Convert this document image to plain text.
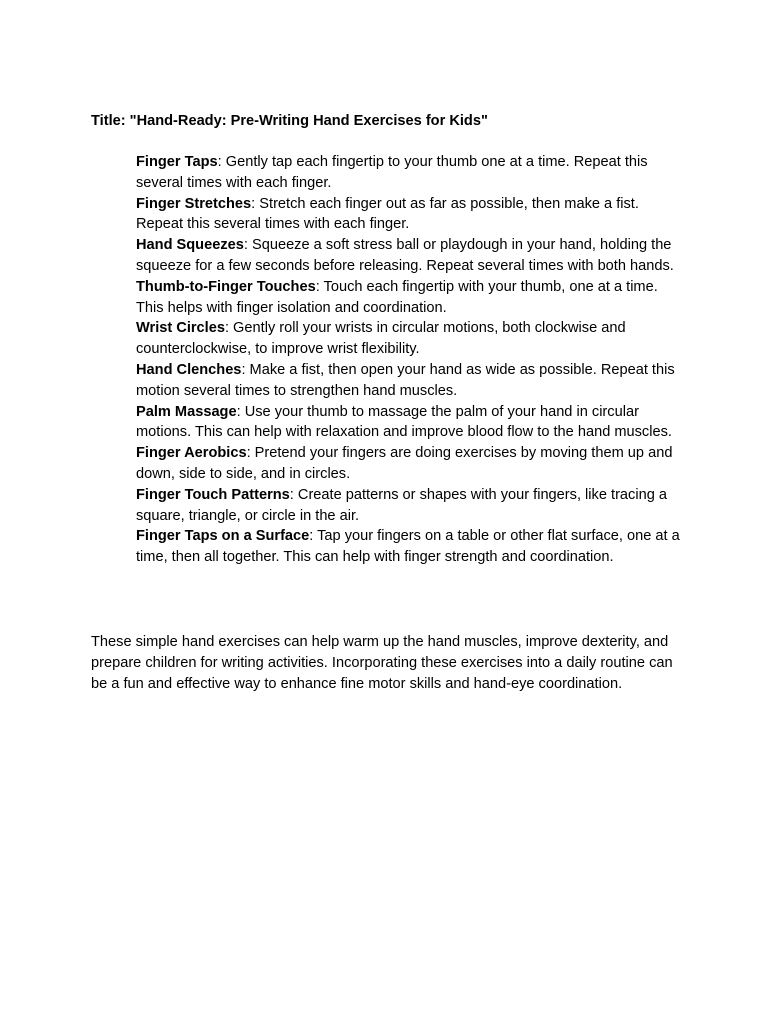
Title: "Hand-Ready: Pre-Writing Hand Exercises for Kids"
Finger Taps: Gently tap each fingertip to your thumb one at a time. Repeat this several times with each finger.
Finger Stretches: Stretch each finger out as far as possible, then make a fist. Repeat this several times with each finger.
Hand Squeezes: Squeeze a soft stress ball or playdough in your hand, holding the squeeze for a few seconds before releasing. Repeat several times with both hands.
Thumb-to-Finger Touches: Touch each fingertip with your thumb, one at a time. This helps with finger isolation and coordination.
Wrist Circles: Gently roll your wrists in circular motions, both clockwise and counterclockwise, to improve wrist flexibility.
Hand Clenches: Make a fist, then open your hand as wide as possible. Repeat this motion several times to strengthen hand muscles.
Palm Massage: Use your thumb to massage the palm of your hand in circular motions. This can help with relaxation and improve blood flow to the hand muscles.
Finger Aerobics: Pretend your fingers are doing exercises by moving them up and down, side to side, and in circles.
Finger Touch Patterns: Create patterns or shapes with your fingers, like tracing a square, triangle, or circle in the air.
Finger Taps on a Surface: Tap your fingers on a table or other flat surface, one at a time, then all together. This can help with finger strength and coordination.

These simple hand exercises can help warm up the hand muscles, improve dexterity, and prepare children for writing activities. Incorporating these exercises into a daily routine can be a fun and effective way to enhance fine motor skills and hand-eye coordination.
